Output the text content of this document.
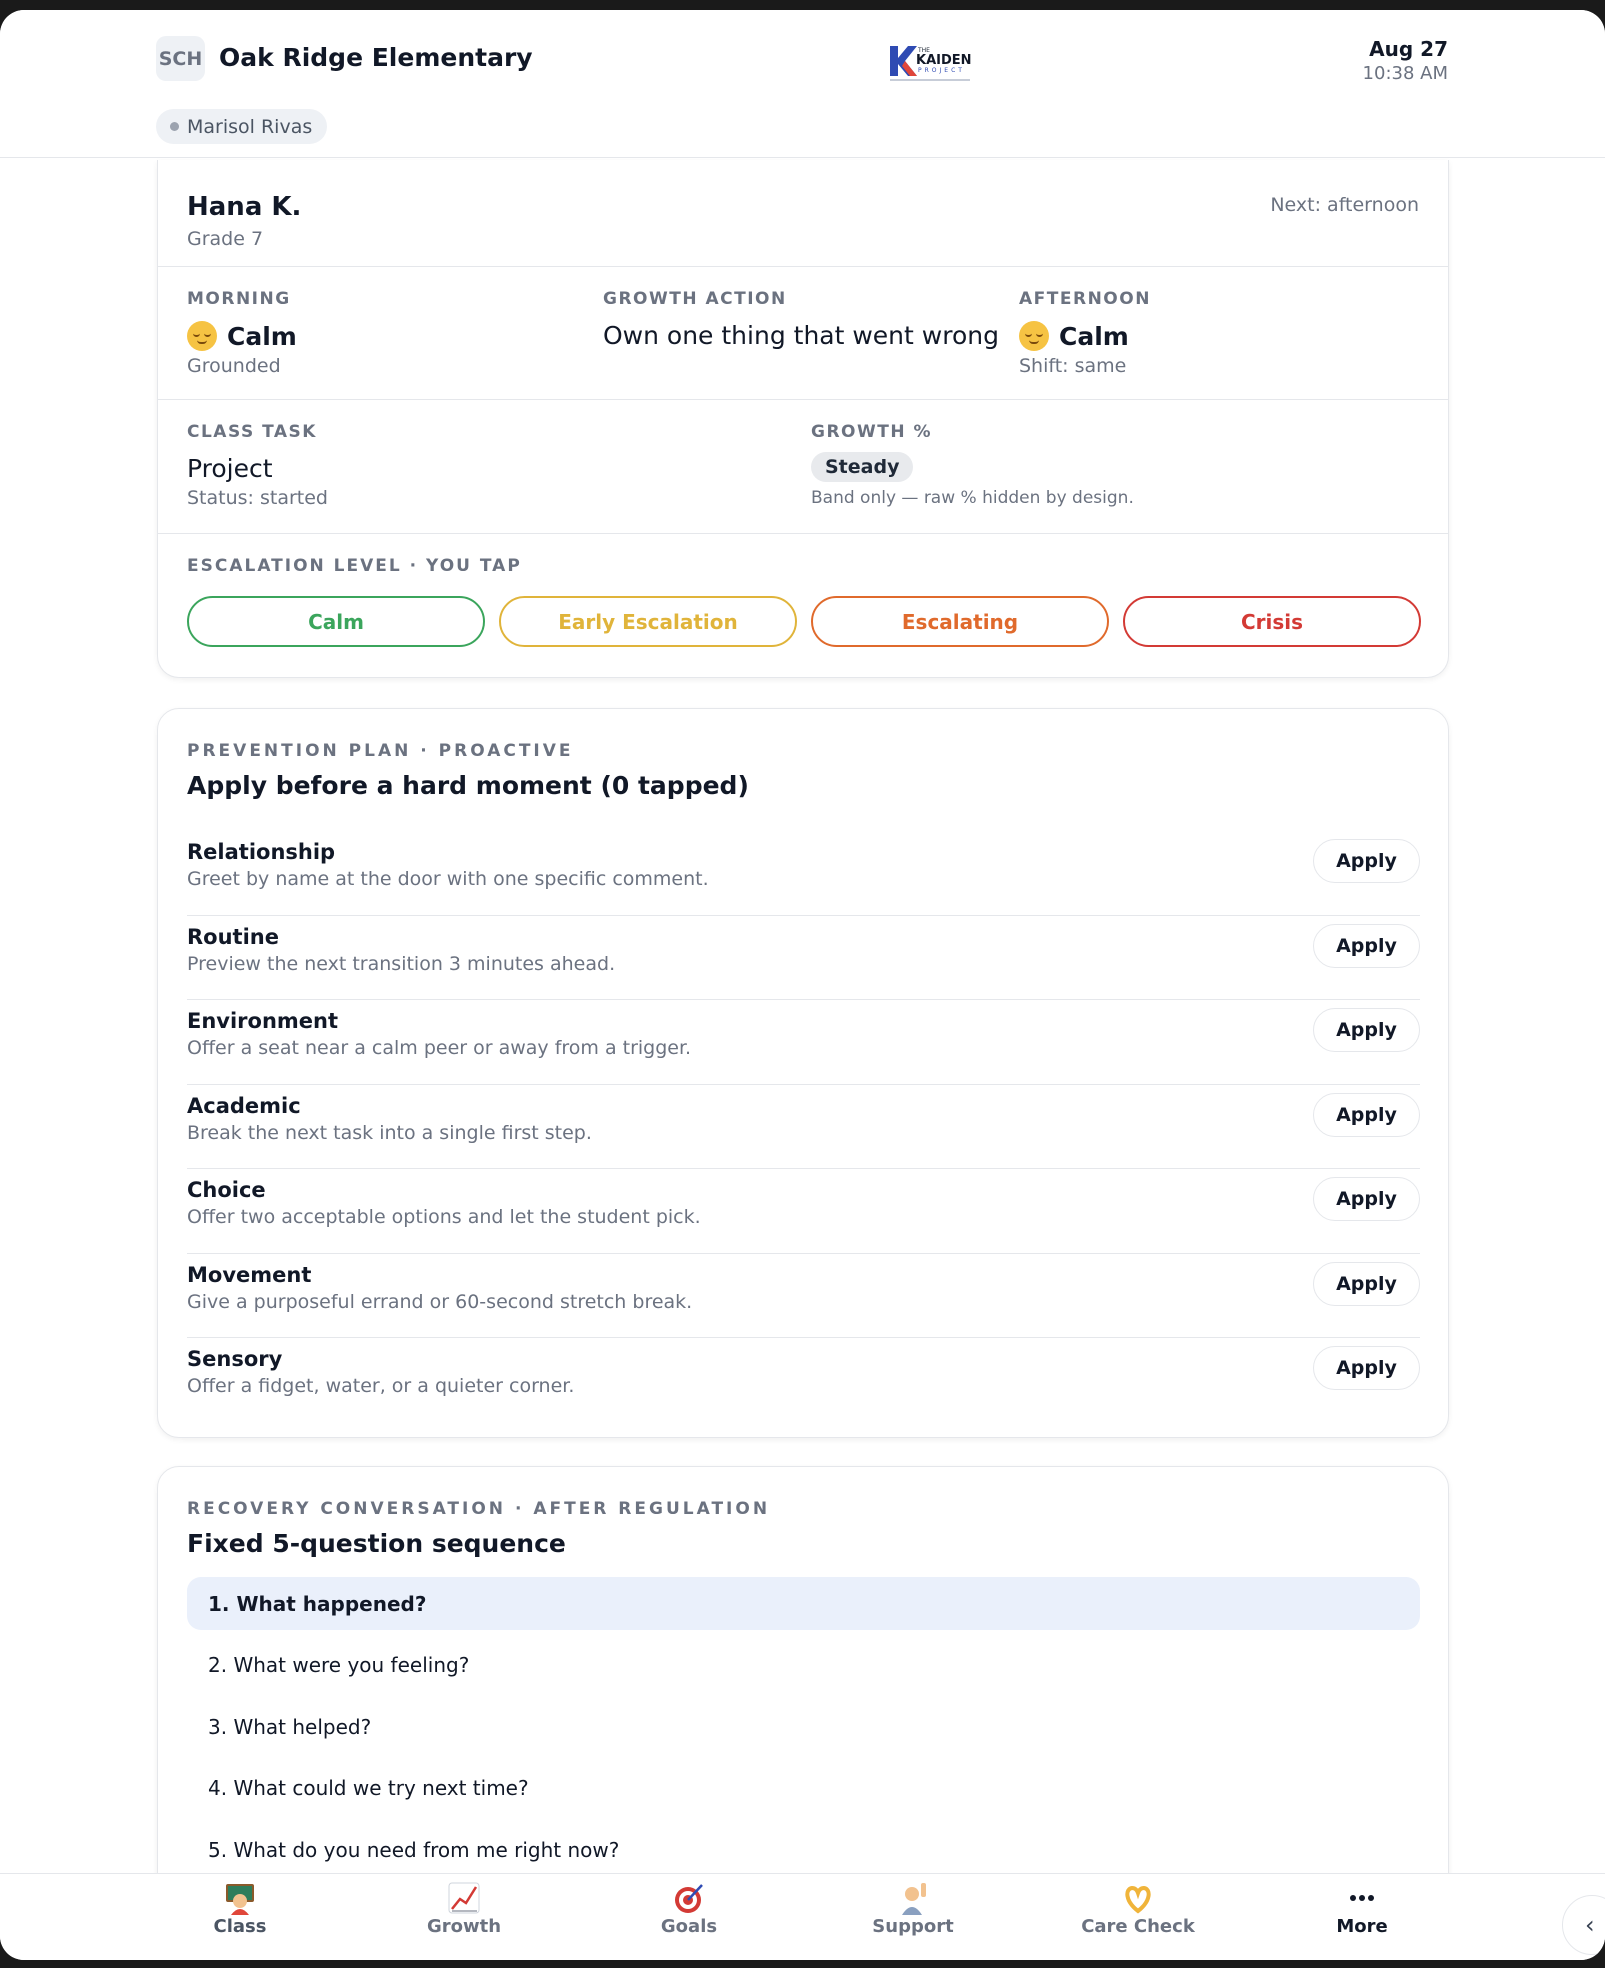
SCH Oak Ridge Elementary
Marisol Rivas
THE
KAIDEN
PROJECT
Aug 27
10:38 AM
Hana K.
Grade 7
Next: afternoon
MORNING
Calm
Grounded
GROWTH ACTION
Own one thing that went wrong
AFTERNOON
Calm
Shift: same
CLASS TASK
Project
Status: started
GROWTH %
Steady
Band only — raw % hidden by design.
ESCALATION LEVEL · YOU TAP
Calm	Early Escalation	Escalating	Crisis
PREVENTION PLAN · PROACTIVE
Apply before a hard moment (0 tapped)
Relationship
Greet by name at the door with one specific comment.
Apply
Routine
Preview the next transition 3 minutes ahead.
Apply
Environment
Offer a seat near a calm peer or away from a trigger.
Apply
Academic
Break the next task into a single first step.
Apply
Choice
Offer two acceptable options and let the student pick.
Apply
Movement
Give a purposeful errand or 60-second stretch break.
Apply
Sensory
Offer a fidget, water, or a quieter corner.
Apply
RECOVERY CONVERSATION · AFTER REGULATION
Fixed 5-question sequence
1. What happened?
2. What were you feeling?
3. What helped?
4. What could we try next time?
5. What do you need from me right now?
Class	Growth	Goals	Support	Care Check	More	‹
